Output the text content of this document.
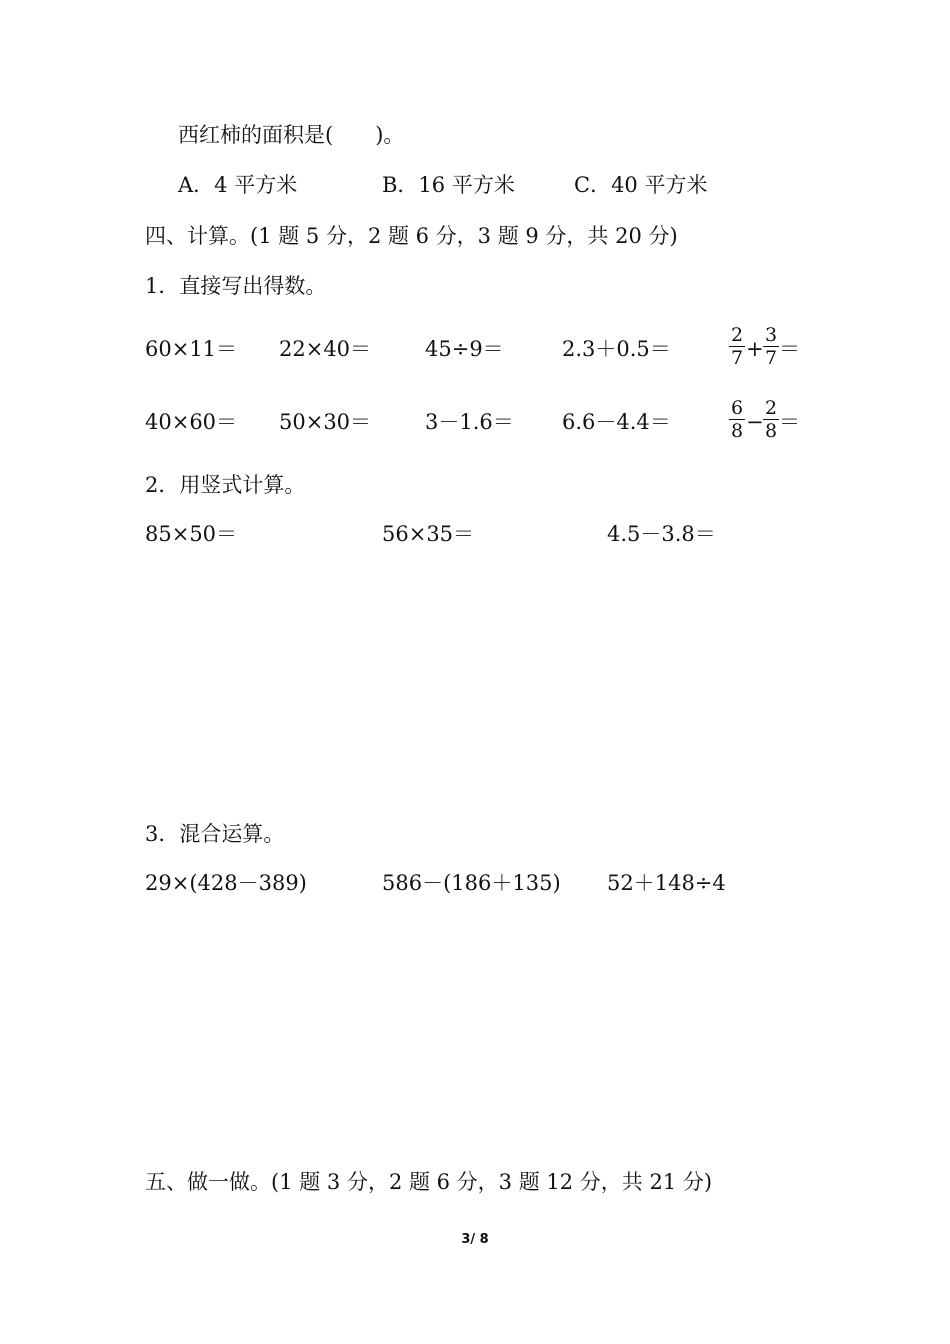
西红柿的面积是(　　)。
A．4 平方米	B．16 平方米	C．40 平方米
四、计算。(1 题 5 分，2 题 6 分，3 题 9 分，共 20 分)
1．直接写出得数。
60×11＝ 22×40＝	45÷9＝	2.3＋0.5＝	$\frac{2}{7} + \frac{3}{7}$ ＝
40×60＝ 50×30＝	3－1.6＝ 6.6－4.4＝	$\frac{6}{8} - \frac{2}{8}$ ＝
2．用竖式计算。
85×50＝	56×35＝	4.5－3.8＝
3．混合运算。
29×(428－389)	586－(186＋135) 52＋148÷4
五、做一做。(1 题 3 分，2 题 6 分，3 题 12 分，共 21 分)
3/ 8
